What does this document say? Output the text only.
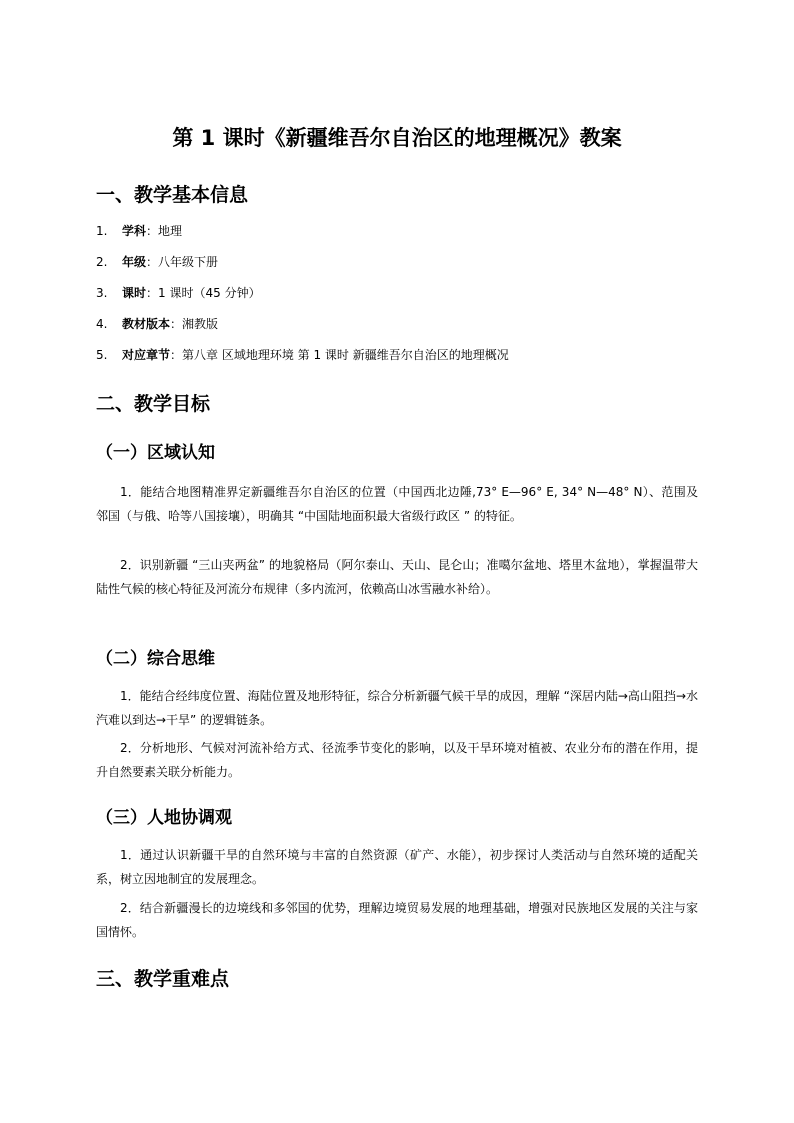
第 1 课时《新疆维吾尔自治区的地理概况》教案
一、教学基本信息
1. 学科：地理
2. 年级：八年级下册
3. 课时：1 课时（45 分钟）
4. 教材版本：湘教版
5. 对应章节：第八章 区域地理环境 第 1 课时 新疆维吾尔自治区的地理概况
二、教学目标
（一）区域认知

1．能结合地图精准界定新疆维吾尔自治区的位置（中国西北边陲,73° E—96° E, 34° N—48° N）、范围及邻国（与俄、哈等八国接壤），明确其 “中国陆地面积最大省级行政区 ” 的特征。

2．识别新疆 “三山夹两盆” 的地貌格局（阿尔泰山、天山、昆仑山；准噶尔盆地、塔里木盆地），掌握温带大陆性气候的核心特征及河流分布规律（多内流河，依赖高山冰雪融水补给）。

（二）综合思维

1．能结合经纬度位置、海陆位置及地形特征，综合分析新疆气候干旱的成因，理解 “深居内陆→高山阻挡→水汽难以到达→干旱” 的逻辑链条。

2．分析地形、气候对河流补给方式、径流季节变化的影响，以及干旱环境对植被、农业分布的潜在作用，提升自然要素关联分析能力。

（三）人地协调观

1．通过认识新疆干旱的自然环境与丰富的自然资源（矿产、水能），初步探讨人类活动与自然环境的适配关系，树立因地制宜的发展理念。

2．结合新疆漫长的边境线和多邻国的优势，理解边境贸易发展的地理基础，增强对民族地区发展的关注与家国情怀。

三、教学重难点
